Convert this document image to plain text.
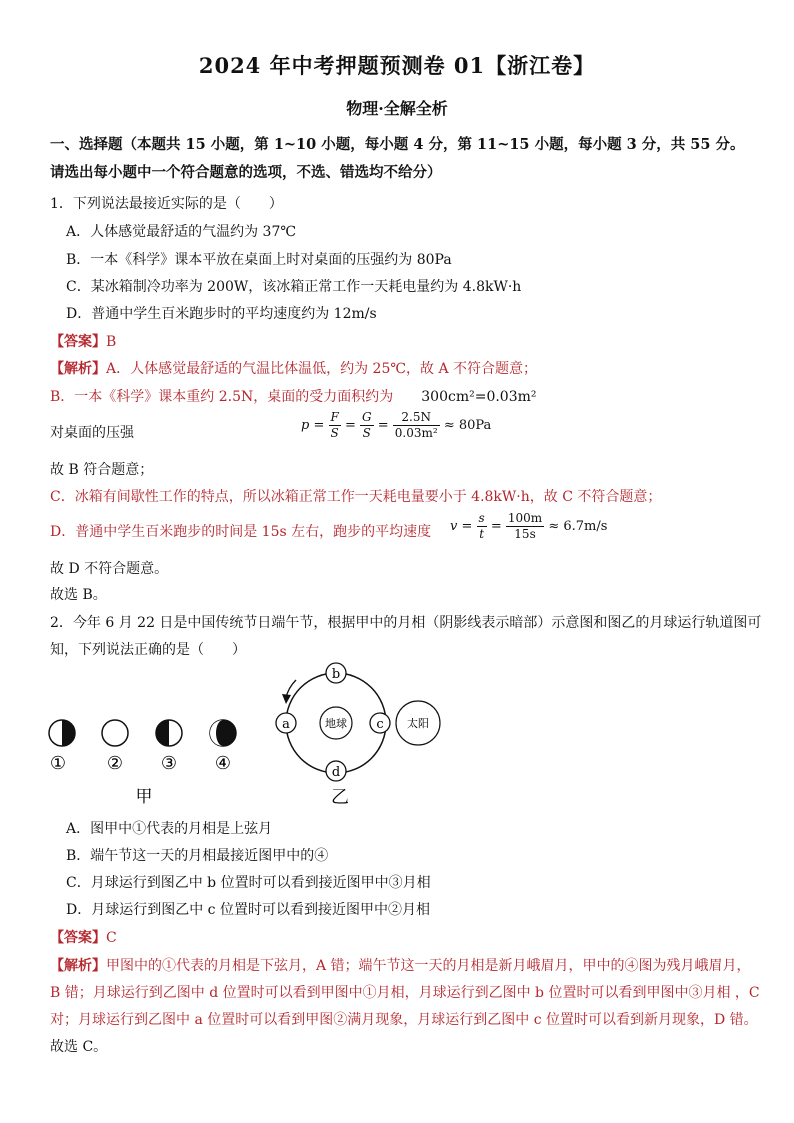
2024 年中考押题预测卷 01【浙江卷】
物理·全解全析
一、选择题（本题共 15 小题，第 1~10 小题，每小题 4 分，第 11~15 小题，每小题 3 分，共 55 分。
请选出每小题中一个符合题意的选项，不选、错选均不给分）
1．下列说法最接近实际的是（　　）
A．人体感觉最舒适的气温约为 37℃
B．一本《科学》课本平放在桌面上时对桌面的压强约为 80Pa
C．某冰箱制冷功率为 200W，该冰箱正常工作一天耗电量约为 4.8kW·h
D．普通中学生百米跑步时的平均速度约为 12m/s
【答案】B
【解析】A．人体感觉最舒适的气温比体温低，约为 25℃，故 A 不符合题意；
B．一本《科学》课本重约 2.5N，桌面的受力面积约为 300cm²=0.03m²
对桌面的压强	$p = \frac{F}{S} = \frac{G}{S} = \frac{2.5N}{\text{0.03m²}} \approx 80Pa$
故 B 符合题意；
C．冰箱有间歇性工作的特点，所以冰箱正常工作一天耗电量要小于 4.8kW·h，故 C 不符合题意；
D．普通中学生百米跑步的时间是 15s 左右，跑步的平均速度 $v = \frac{s}{t} = \frac{100m}{15s} \approx 6.7m/s$
故 D 不符合题意。
故选 B。
2．今年 6 月 22 日是中国传统节日端午节，根据甲中的月相（阴影线表示暗部）示意图和图乙的月球运行轨道图可
知，下列说法正确的是（　　）
① ② ③ ④
甲
地球	太阳
a
b
c
d
乙
A．图甲中①代表的月相是上弦月
B．端午节这一天的月相最接近图甲中的④
C．月球运行到图乙中 b 位置时可以看到接近图甲中③月相
D．月球运行到图乙中 c 位置时可以看到接近图甲中②月相
【答案】C
【解析】甲图中的①代表的月相是下弦月，A 错；端午节这一天的月相是新月峨眉月，甲中的④图为残月峨眉月，
B 错；月球运行到乙图中 d 位置时可以看到甲图中①月相，月球运行到乙图中 b 位置时可以看到甲图中③月相 ，C
对；月球运行到乙图中 a 位置时可以看到甲图②满月现象，月球运行到乙图中 c 位置时可以看到新月现象，D 错。
故选 C。
